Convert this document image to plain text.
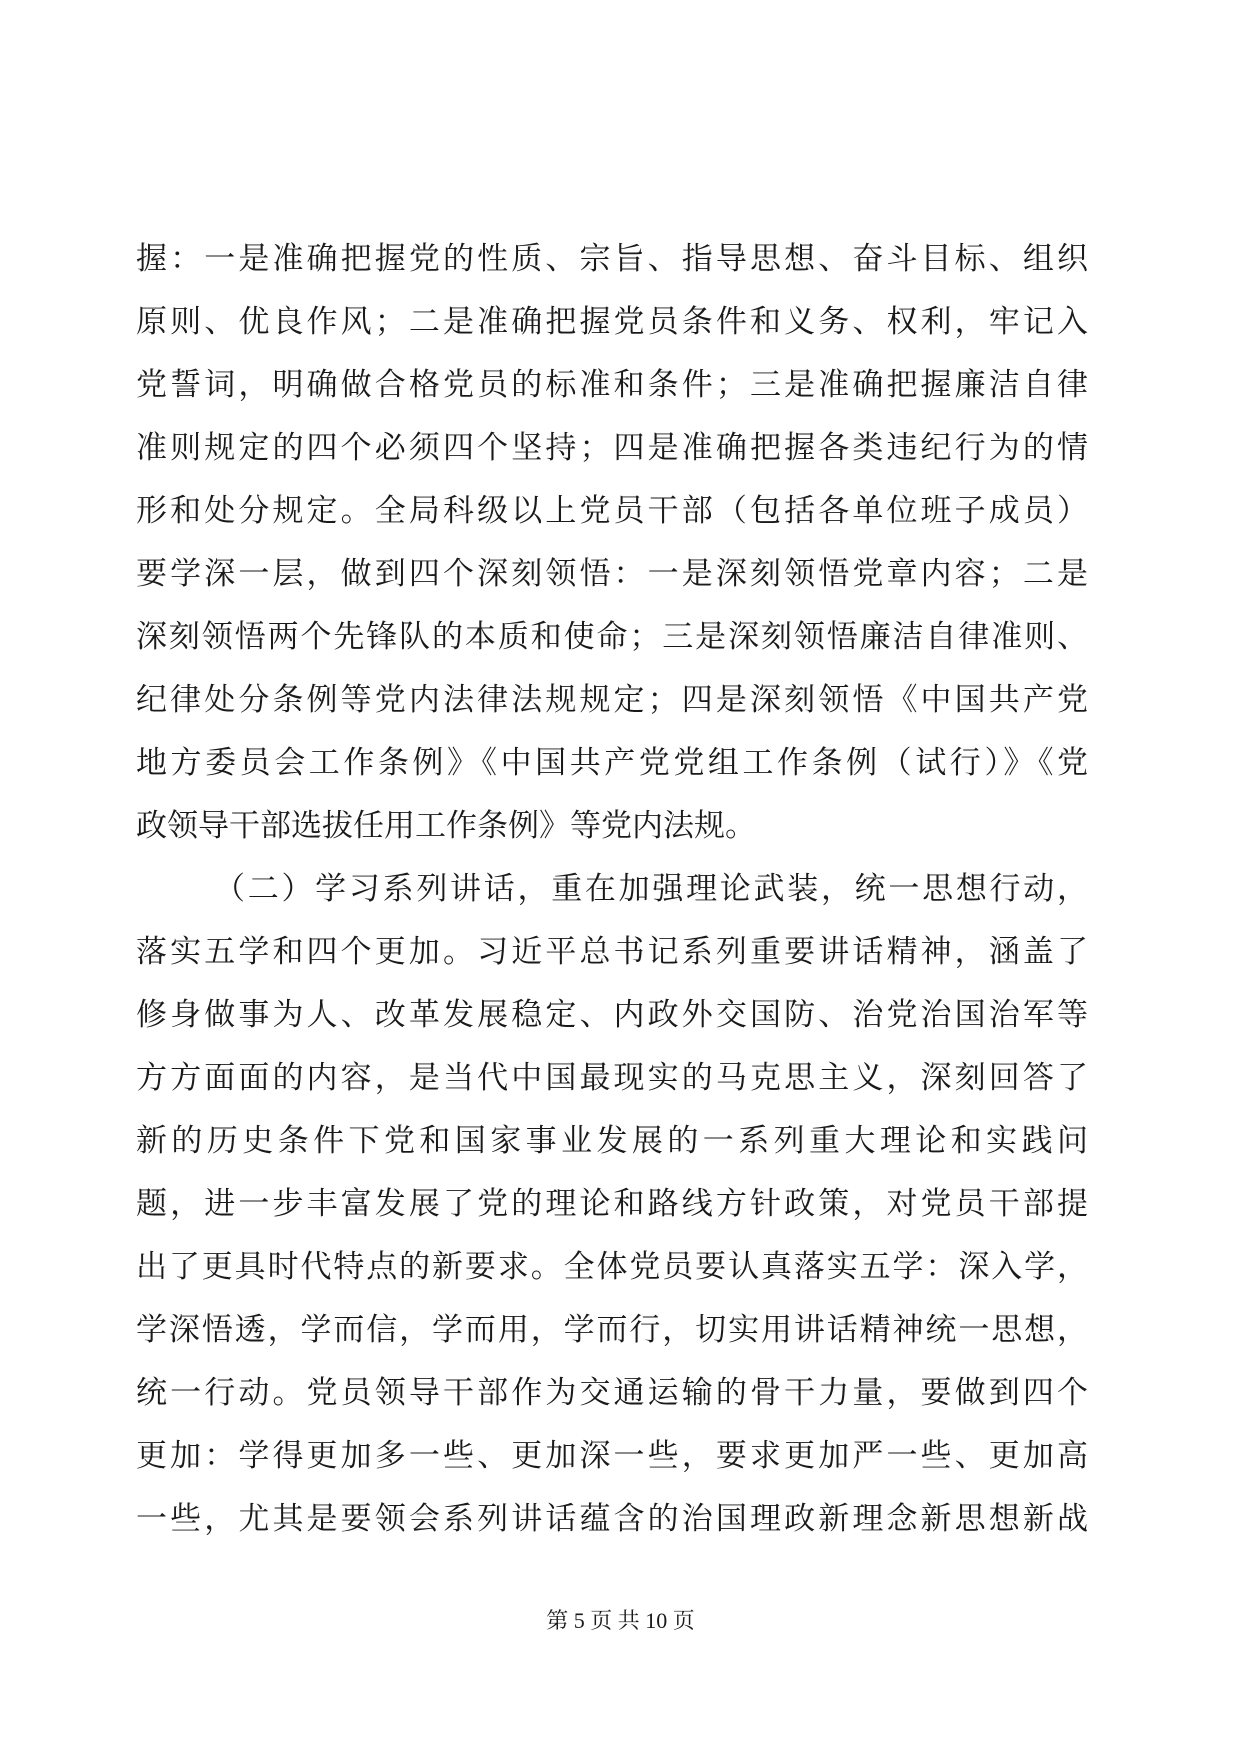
握：一是准确把握党的性质、宗旨、指导思想、奋斗目标、组织
原则、优良作风；二是准确把握党员条件和义务、权利，牢记入
党誓词，明确做合格党员的标准和条件；三是准确把握廉洁自律
准则规定的四个必须四个坚持；四是准确把握各类违纪行为的情
形和处分规定。全局科级以上党员干部（包括各单位班子成员）
要学深一层，做到四个深刻领悟：一是深刻领悟党章内容；二是
深刻领悟两个先锋队的本质和使命；三是深刻领悟廉洁自律准则、
纪律处分条例等党内法律法规规定；四是深刻领悟《中国共产党
地方委员会工作条例》《中国共产党党组工作条例（试行）》《党
政领导干部选拔任用工作条例》等党内法规。
（二）学习系列讲话，重在加强理论武装，统一思想行动，
落实五学和四个更加。习近平总书记系列重要讲话精神，涵盖了
修身做事为人、改革发展稳定、内政外交国防、治党治国治军等
方方面面的内容，是当代中国最现实的马克思主义，深刻回答了
新的历史条件下党和国家事业发展的一系列重大理论和实践问
题，进一步丰富发展了党的理论和路线方针政策，对党员干部提
出了更具时代特点的新要求。全体党员要认真落实五学：深入学，
学深悟透，学而信，学而用，学而行，切实用讲话精神统一思想，
统一行动。党员领导干部作为交通运输的骨干力量，要做到四个
更加：学得更加多一些、更加深一些，要求更加严一些、更加高
一些，尤其是要领会系列讲话蕴含的治国理政新理念新思想新战
第 5 页 共 10 页
